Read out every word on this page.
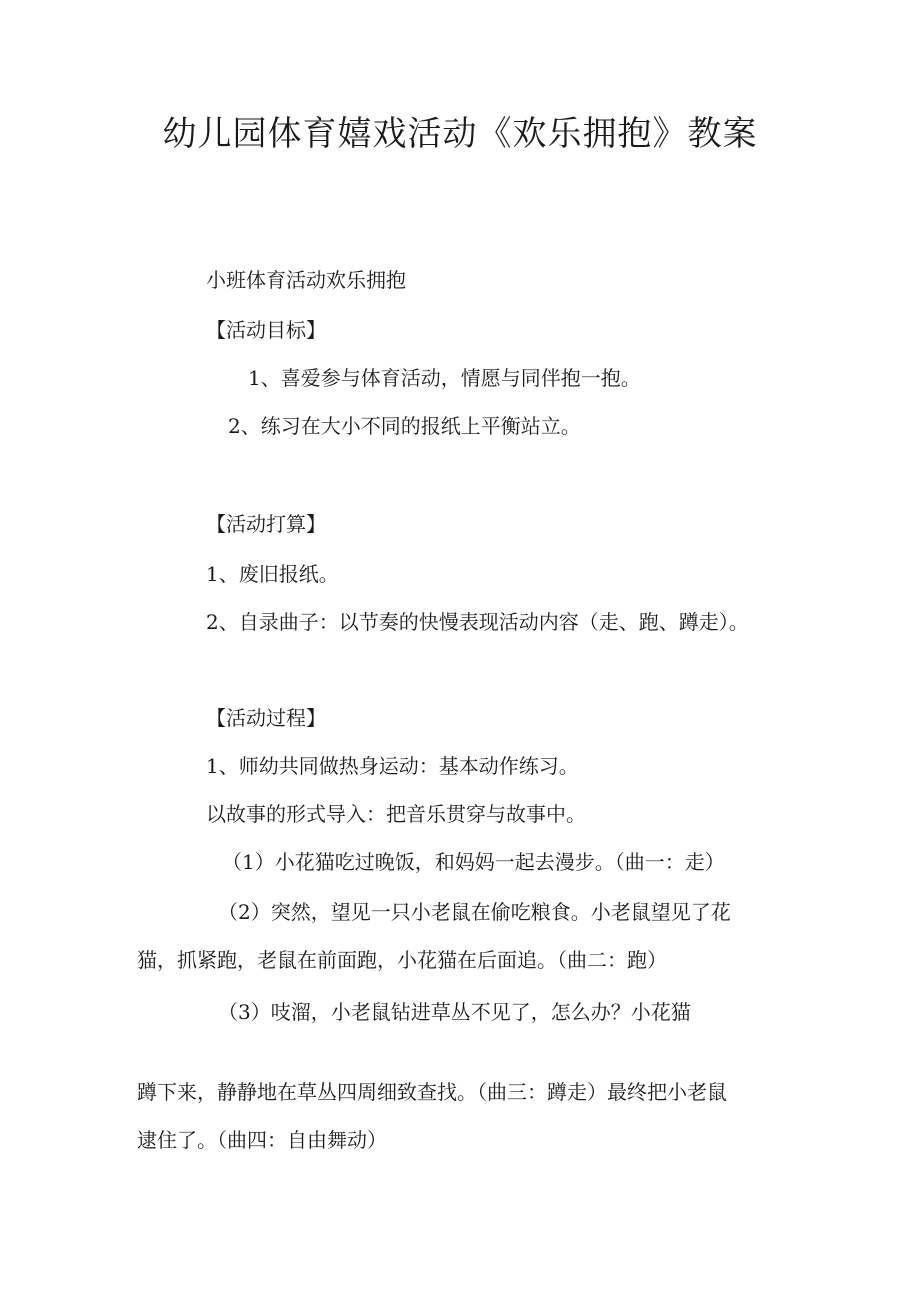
幼儿园体育嬉戏活动《欢乐拥抱》教案
小班体育活动欢乐拥抱
【活动目标】
1、喜爱参与体育活动，情愿与同伴抱一抱。
2、练习在大小不同的报纸上平衡站立。
【活动打算】
1、废旧报纸。
2、自录曲子：以节奏的快慢表现活动内容（走、跑、蹲走）。
【活动过程】
1、师幼共同做热身运动：基本动作练习。
以故事的形式导入：把音乐贯穿与故事中。
（1）小花猫吃过晚饭，和妈妈一起去漫步。（曲一：走）
（2）突然，望见一只小老鼠在偷吃粮食。小老鼠望见了花
猫，抓紧跑，老鼠在前面跑，小花猫在后面追。（曲二：跑）
（3）吱溜，小老鼠钻进草丛不见了，怎么办？小花猫
蹲下来，静静地在草丛四周细致查找。（曲三：蹲走）最终把小老鼠
逮住了。（曲四：自由舞动）
